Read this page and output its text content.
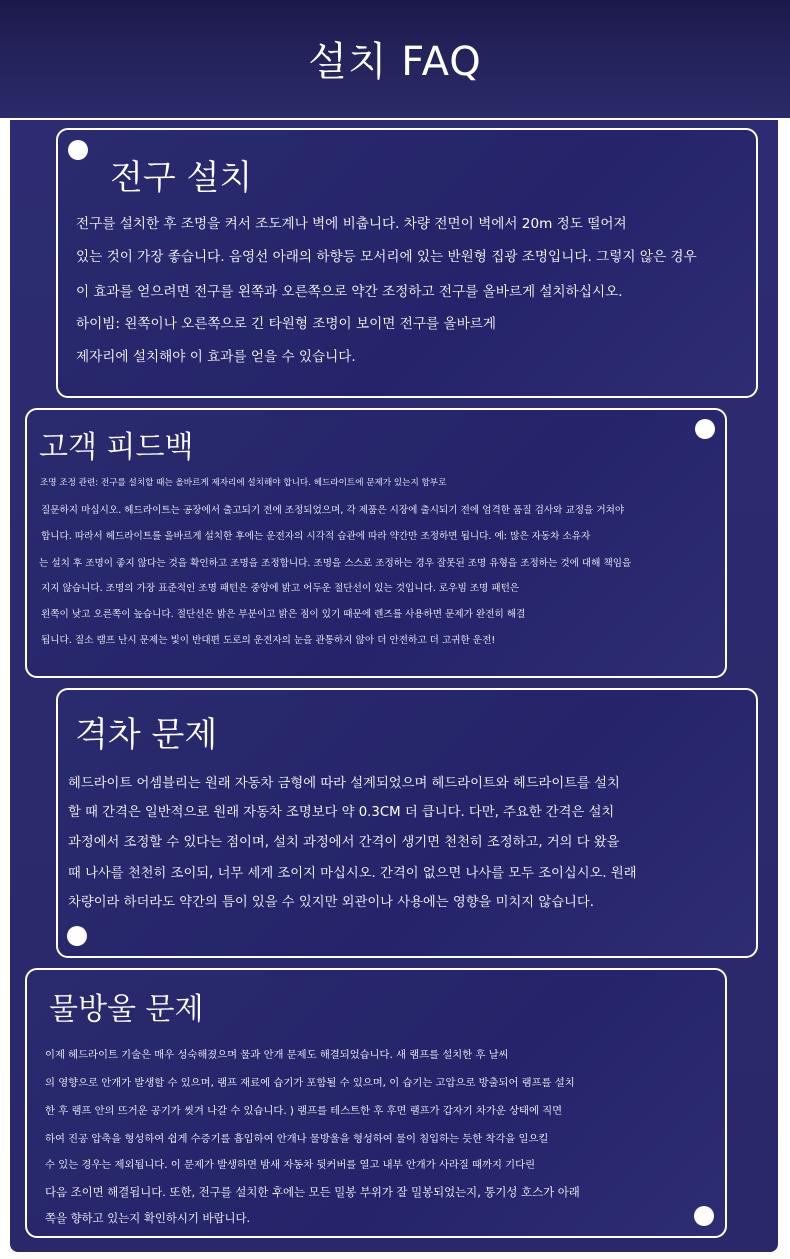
설치 FAQ
전구 설치

전구를 설치한 후 조명을 켜서 조도계나 벽에 비춥니다. 차량 전면이 벽에서 20m 정도 떨어져

있는 것이 가장 좋습니다. 음영선 아래의 하향등 모서리에 있는 반원형 집광 조명입니다. 그렇지 않은 경우

이 효과를 얻으려면 전구를 왼쪽과 오른쪽으로 약간 조정하고 전구를 올바르게 설치하십시오.

하이빔: 왼쪽이나 오른쪽으로 긴 타원형 조명이 보이면 전구를 올바르게

제자리에 설치해야 이 효과를 얻을 수 있습니다.

고객 피드백

조명 조정 관련: 전구를 설치할 때는 올바르게 제자리에 설치해야 합니다. 헤드라이트에 문제가 있는지 함부로

질문하지 마십시오. 헤드라이트는 공장에서 출고되기 전에 조정되었으며, 각 제품은 시장에 출시되기 전에 엄격한 품질 검사와 교정을 거쳐야

합니다. 따라서 헤드라이트를 올바르게 설치한 후에는 운전자의 시각적 습관에 따라 약간만 조정하면 됩니다. 예: 많은 자동차 소유자

는 설치 후 조명이 좋지 않다는 것을 확인하고 조명을 조정합니다. 조명을 스스로 조정하는 경우 잘못된 조명 유형을 조정하는 것에 대해 책임을

지지 않습니다. 조명의 가장 표준적인 조명 패턴은 중앙에 밝고 어두운 절단선이 있는 것입니다. 로우빔 조명 패턴은

왼쪽이 낮고 오른쪽이 높습니다. 절단선은 밝은 부분이고 밝은 점이 있기 때문에 렌즈를 사용하면 문제가 완전히 해결

됩니다. 질소 램프 난시 문제는 빛이 반대편 도로의 운전자의 눈을 관통하지 않아 더 안전하고 더 고귀한 운전!

격차 문제

헤드라이트 어셈블리는 원래 자동차 금형에 따라 설계되었으며 헤드라이트와 헤드라이트를 설치

할 때 간격은 일반적으로 원래 자동차 조명보다 약 0.3CM 더 큽니다. 다만, 주요한 간격은 설치

과정에서 조정할 수 있다는 점이며, 설치 과정에서 간격이 생기면 천천히 조정하고, 거의 다 왔을

때 나사를 천천히 조이되, 너무 세게 조이지 마십시오. 간격이 없으면 나사를 모두 조이십시오. 원래

차량이라 하더라도 약간의 틈이 있을 수 있지만 외관이나 사용에는 영향을 미치지 않습니다.

물방울 문제

이제 헤드라이트 기술은 매우 성숙해졌으며 물과 안개 문제도 해결되었습니다. 새 램프를 설치한 후 날씨

의 영향으로 안개가 발생할 수 있으며, 램프 재료에 습기가 포함될 수 있으며, 이 습기는 고압으로 방출되어 램프를 설치

한 후 램프 안의 뜨거운 공기가 씻겨 나갈 수 있습니다. ) 램프를 테스트한 후 후면 램프가 갑자기 차가운 상태에 직면

하여 진공 압축을 형성하여 쉽게 수증기를 흡입하여 안개나 물방울을 형성하여 물이 침입하는 듯한 착각을 일으킬

수 있는 경우는 제외됩니다. 이 문제가 발생하면 밤새 자동차 뒷커버를 열고 내부 안개가 사라질 때까지 기다린

다음 조이면 해결됩니다. 또한, 전구를 설치한 후에는 모든 밀봉 부위가 잘 밀봉되었는지, 통기성 호스가 아래

쪽을 향하고 있는지 확인하시기 바랍니다.
